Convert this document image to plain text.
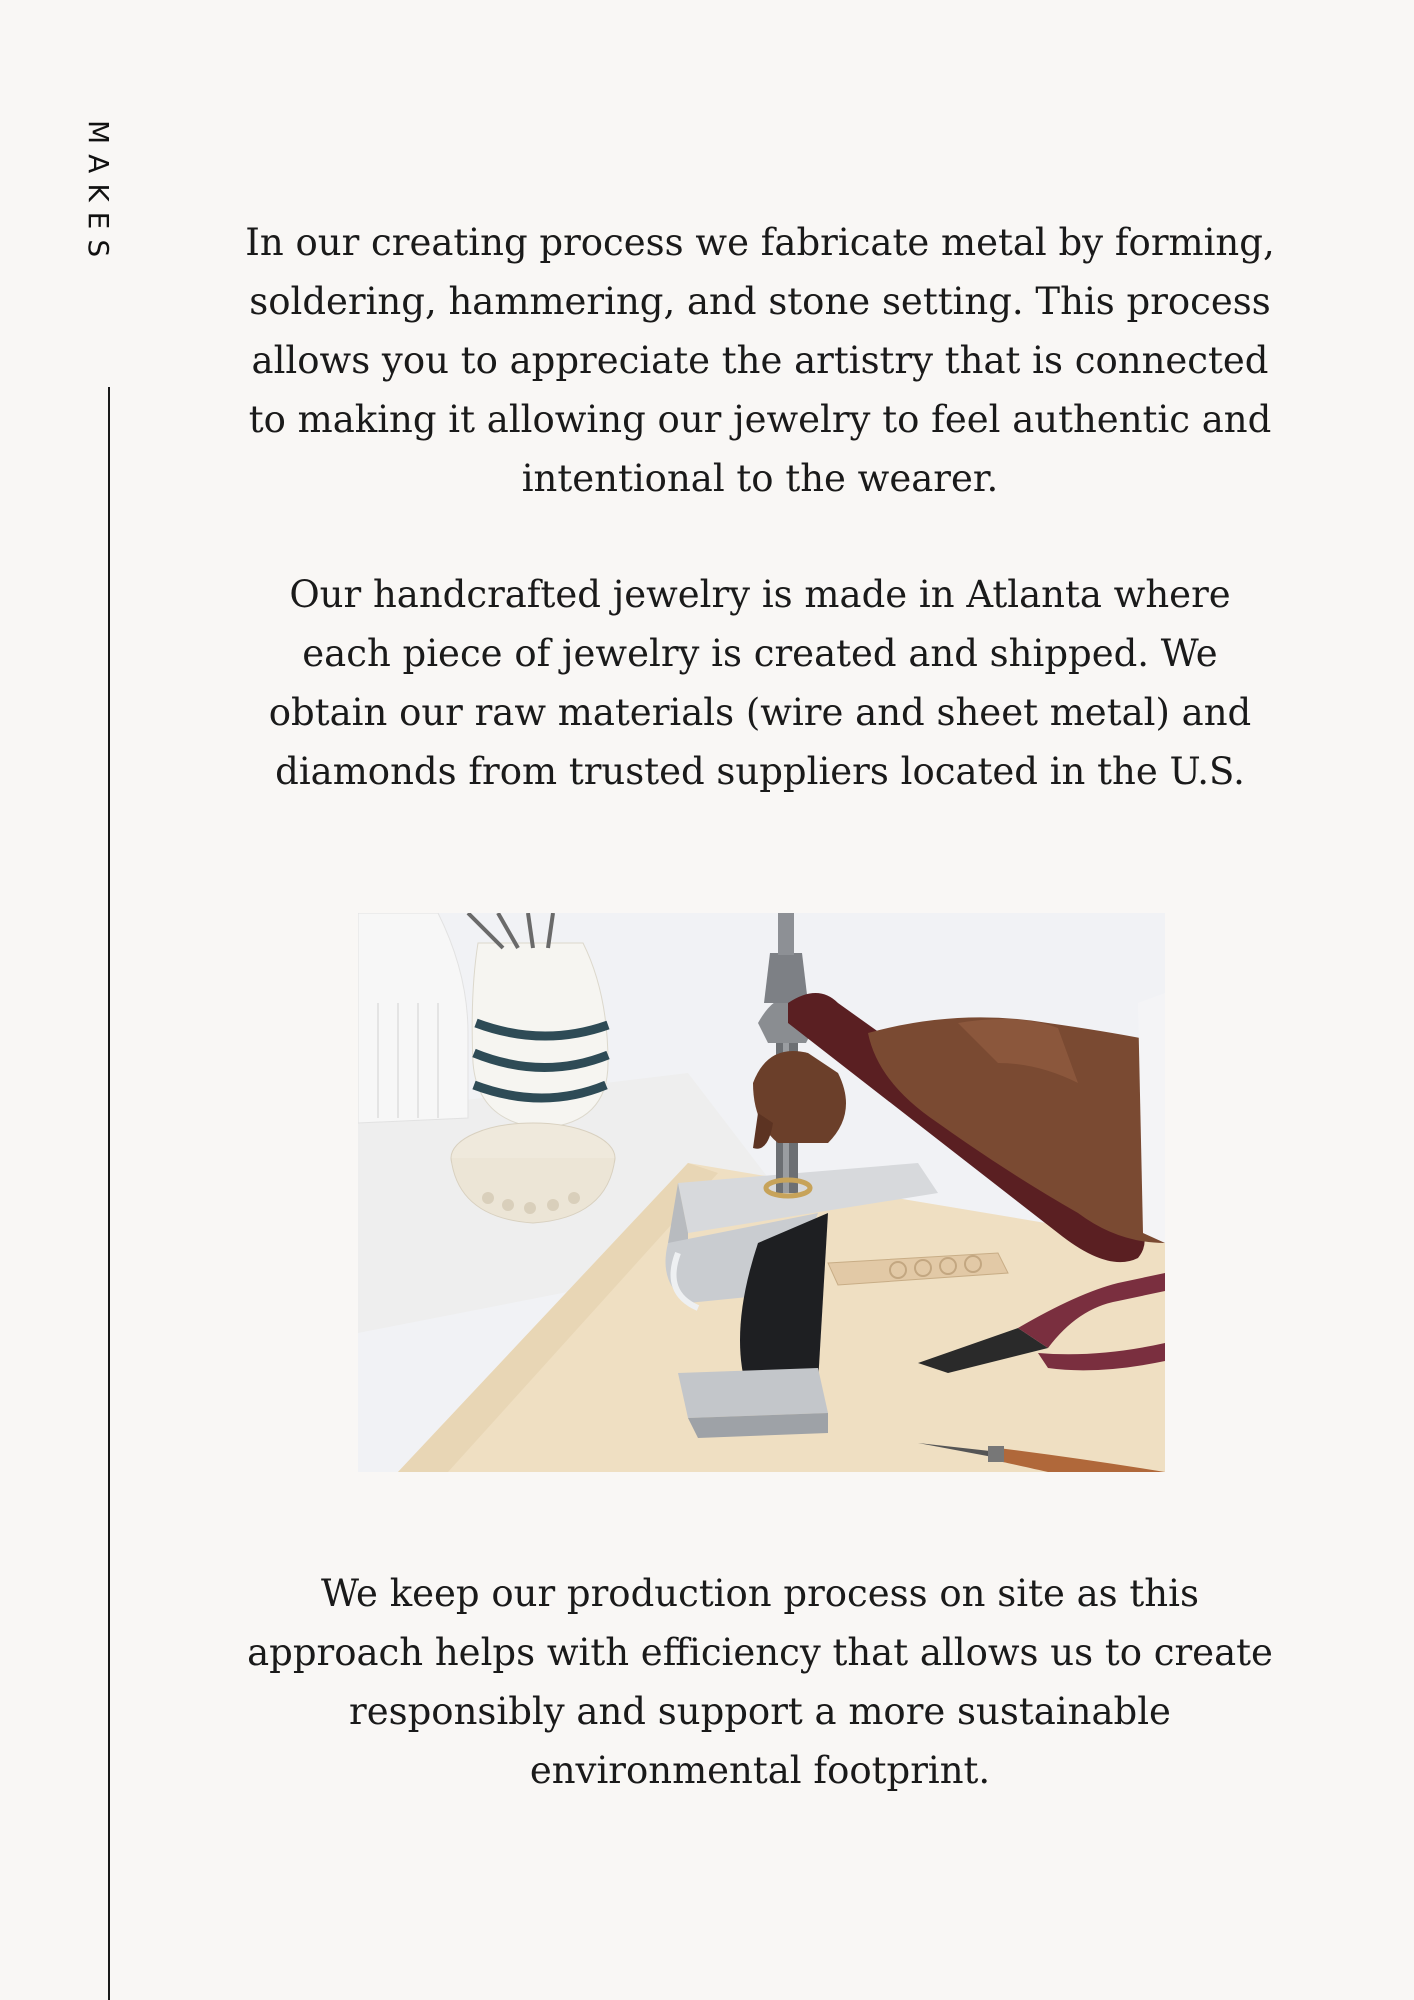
MAKES	In our creating process we fabricate metal by forming, soldering, hammering, and stone setting. This process allows you to appreciate the artistry that is connected to making it allowing our jewelry to feel authentic and intentional to the wearer.

Our handcrafted jewelry is made in Atlanta where each piece of jewelry is created and shipped. We obtain our raw materials (wire and sheet metal) and diamonds from trusted suppliers located in the U.S.

We keep our production process on site as this approach helps with efficiency that allows us to create responsibly and support a more sustainable environmental footprint.
